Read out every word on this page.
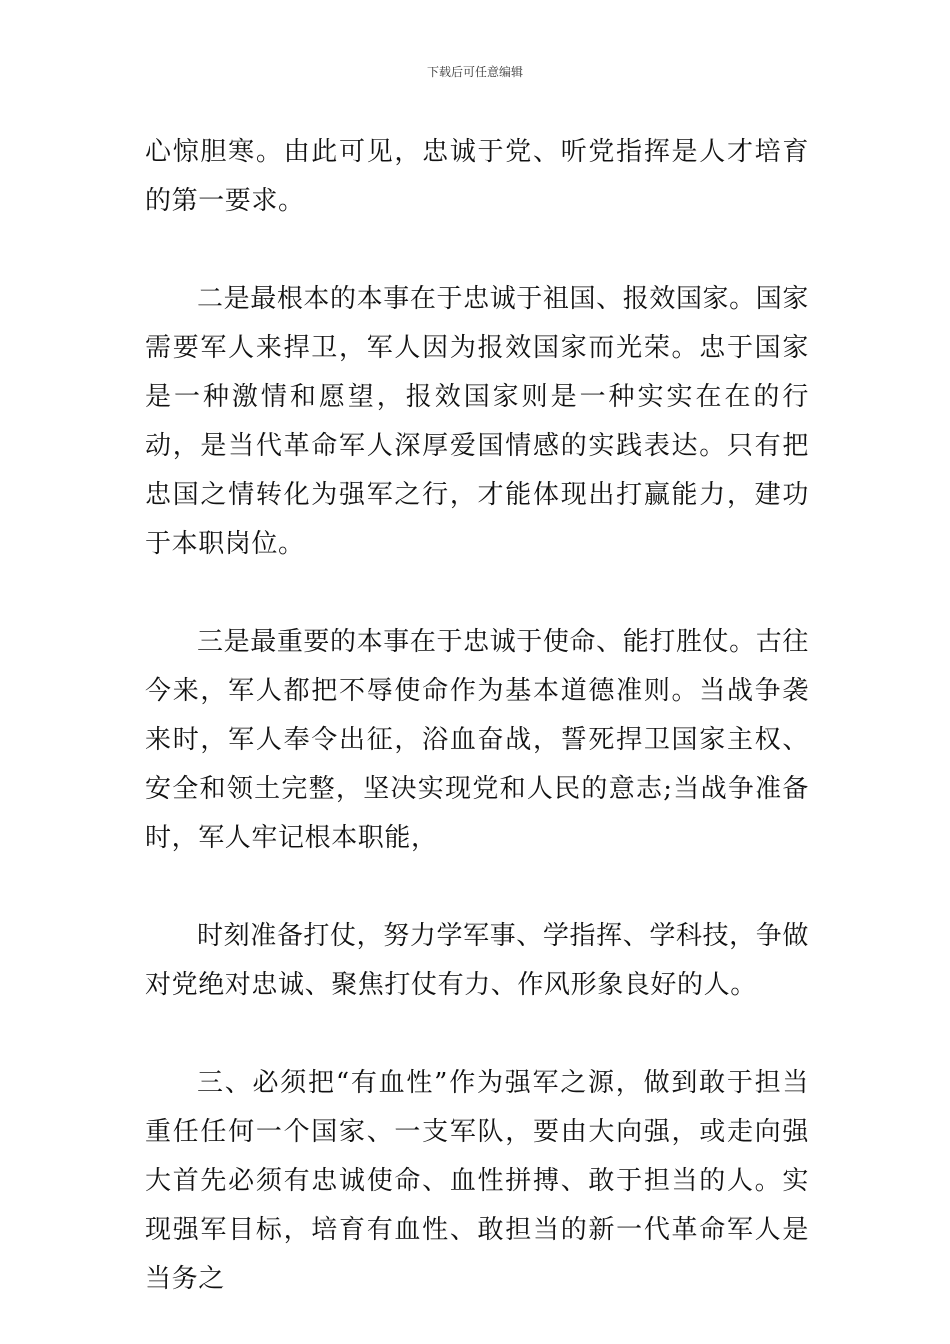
下载后可任意编辑

心惊胆寒。由此可见，忠诚于党、听党指挥是人才培育的第一要求。

二是最根本的本事在于忠诚于祖国、报效国家。国家需要军人来捍卫，军人因为报效国家而光荣。忠于国家是一种激情和愿望，报效国家则是一种实实在在的行动，是当代革命军人深厚爱国情感的实践表达。只有把忠国之情转化为强军之行，才能体现出打赢能力，建功于本职岗位。

三是最重要的本事在于忠诚于使命、能打胜仗。古往今来，军人都把不辱使命作为基本道德准则。当战争袭来时，军人奉令出征，浴血奋战，誓死捍卫国家主权、安全和领土完整，坚决实现党和人民的意志;当战争准备时，军人牢记根本职能，

时刻准备打仗，努力学军事、学指挥、学科技，争做对党绝对忠诚、聚焦打仗有力、作风形象良好的人。

三、必须把“有血性”作为强军之源，做到敢于担当重任任何一个国家、一支军队，要由大向强，或走向强大首先必须有忠诚使命、血性拼搏、敢于担当的人。实现强军目标，培育有血性、敢担当的新一代革命军人是当务之
